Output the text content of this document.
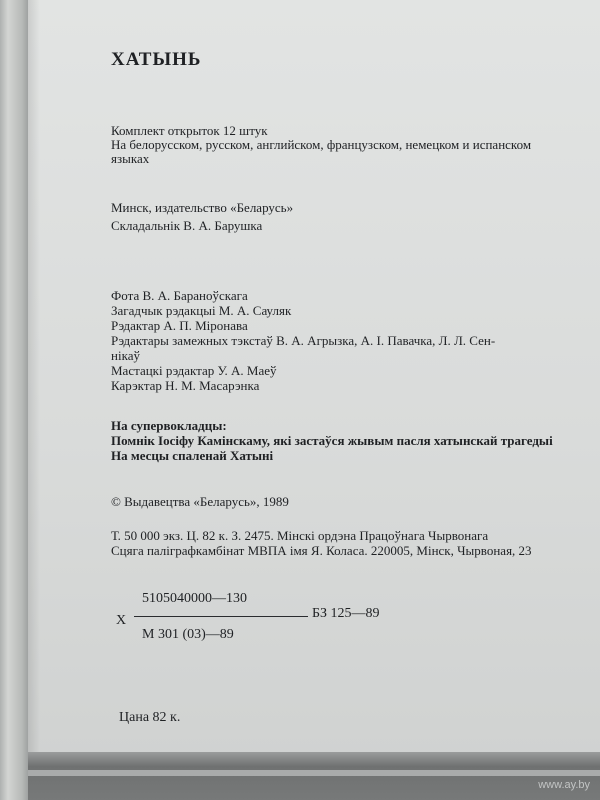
ХАТЫНЬ
Комплект открыток 12 штук
На белорусском, русском, английском, французском, немецком и испанском
языках
Минск, издательство «Беларусь»
Складальнік В. А. Барушка
Фота В. А. Бараноўскага
Загадчык рэдакцыі М. А. Сауляк
Рэдактар А. П. Міронава
Рэдактары замежных тэкстаў В. А. Агрызка, А. І. Павачка, Л. Л. Сен-
нікаў
Мастацкі рэдактар У. А. Маеў
Карэктар Н. М. Масарэнка
На супервокладцы:
Помнік Іосіфу Камінскаму, які застаўся жывым пасля хатынскай трагедыі
На месцы спаленай Хатыні
© Выдавецтва «Беларусь», 1989
Т. 50 000 экз. Ц. 82 к. З. 2475. Мінскі ордэна Працоўнага Чырвонага
Сцяга паліграфкамбінат МВПА імя Я. Коласа. 220005, Мінск, Чырвоная, 23
Х
5105040000—130
БЗ 125—89
М 301 (03)—89
Цана 82 к.
www.ay.by
